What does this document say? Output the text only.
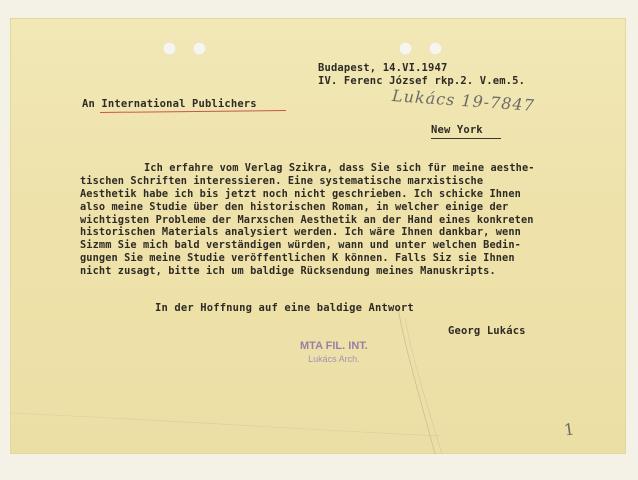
Budapest, 14.VI.1947
IV. Ferenc József rkp.2. V.em.5.
Lukács 19-7847
An International Publichers
New York
Ich erfahre vom Verlag Szikra, dass Sie sich für meine aesthe-
tischen Schriften interessieren. Eine systematische marxistische
Aesthetik habe ich bis jetzt noch nicht geschrieben. Ich schicke Ihnen
also meine Studie über den historischen Roman, in welcher einige der
wichtigsten Probleme der Marxschen Aesthetik an der Hand eines konkreten
historischen Materials analysiert werden. Ich wäre Ihnen dankbar, wenn
Sizmm Sie mich bald verständigen würden, wann und unter welchen Bedin-
gungen Sie meine Studie veröffentlichen K können. Falls Siz sie Ihnen
nicht zusagt, bitte ich um baldige Rücksendung meines Manuskripts.
In der Hoffnung auf eine baldige Antwort
Georg Lukács
MTA FIL. INT.
Lukács Arch.
1
